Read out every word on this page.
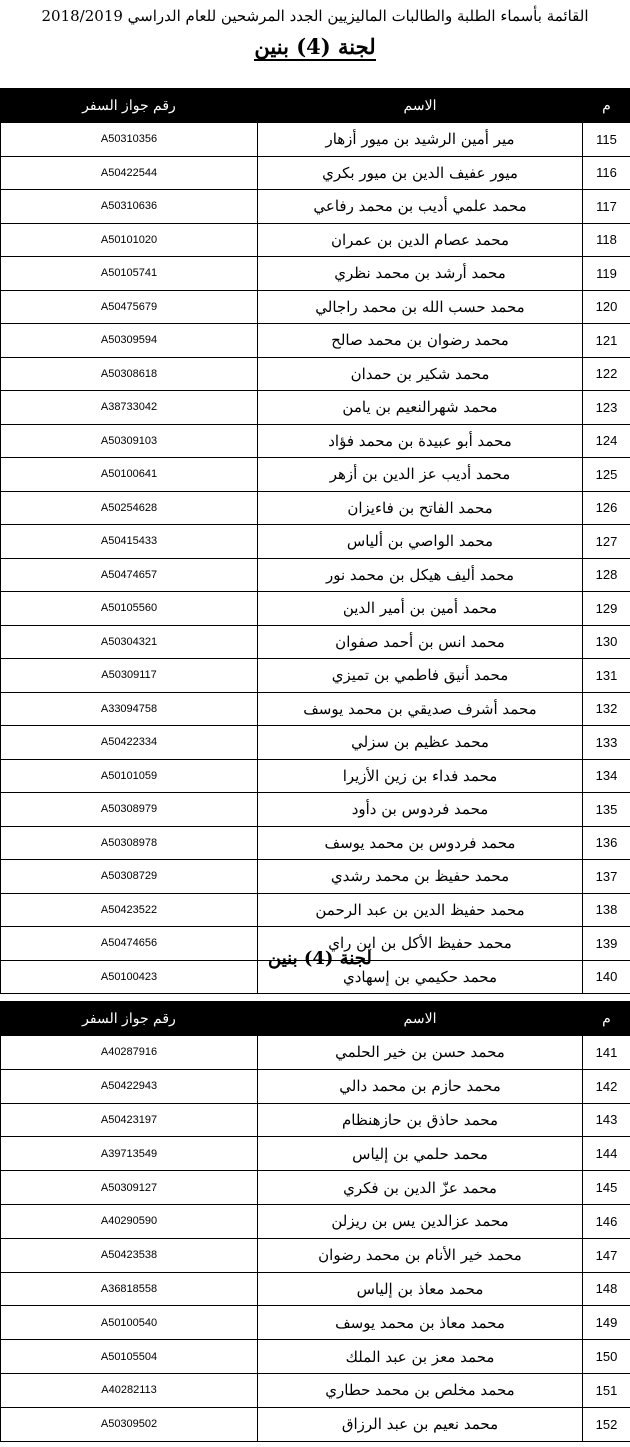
القائمة بأسماء الطلبة والطالبات الماليزيين الجدد المرشحين للعام الدراسي 2018/2019
لجنة (4) بنين
رقم جواز السفر	الاسم	م
A50310356	مير أمين الرشيد بن ميور أزهار	115
A50422544	ميور عفيف الدين بن ميور بكري	116
A50310636	محمد علمي أديب بن محمد رفاعي	117
A50101020	محمد عصام الدين بن عمران	118
A50105741	محمد أرشد بن محمد نظري	119
A50475679	محمد حسب الله بن محمد راجالي	120
A50309594	محمد رضوان بن محمد صالح	121
A50308618	محمد شكير بن حمدان	122
A38733042	محمد شهرالنعيم بن يامن	123
A50309103	محمد أبو عبيدة بن محمد فؤاد	124
A50100641	محمد أديب عز الدين بن أزهر	125
A50254628	محمد الفاتح بن فاءيزان	126
A50415433	محمد الواصي بن ألياس	127
A50474657	محمد أليف هيكل بن محمد نور	128
A50105560	محمد أمين بن أمير الدين	129
A50304321	محمد انس بن أحمد صفوان	130
A50309117	محمد أنيق فاطمي بن تميزي	131
A33094758	محمد أشرف صديقي بن محمد يوسف	132
A50422334	محمد عظيم بن سزلي	133
A50101059	محمد فداء بن زين الأزيرا	134
A50308979	محمد فردوس بن دأود	135
A50308978	محمد فردوس بن محمد يوسف	136
A50308729	محمد حفيظ بن محمد رشدي	137
A50423522	محمد حفيظ الدين بن عبد الرحمن	138
A50474656	محمد حفيظ الأكل بن اين راي	139
A50100423	محمد حكيمي بن إسهادي	140
رقم جواز السفر	الاسم	م
A40287916	محمد حسن بن خير الحلمي	141
A50422943	محمد حازم بن محمد دالي	142
A50423197	محمد حاذق بن حازهنظام	143
A39713549	محمد حلمي بن إلياس	144
A50309127	محمد عزّ الدين بن فكري	145
A40290590	محمد عزالدين يس بن ريزلن	146
A50423538	محمد خير الأنام بن محمد رضوان	147
A36818558	محمد معاذ بن إلياس	148
A50100540	محمد معاذ بن محمد يوسف	149
A50105504	محمد معز بن عبد الملك	150
A40282113	محمد مخلص بن محمد حطاري	151
A50309502	محمد نعيم بن عبد الرزاق	152
لجنة (4) بنين
